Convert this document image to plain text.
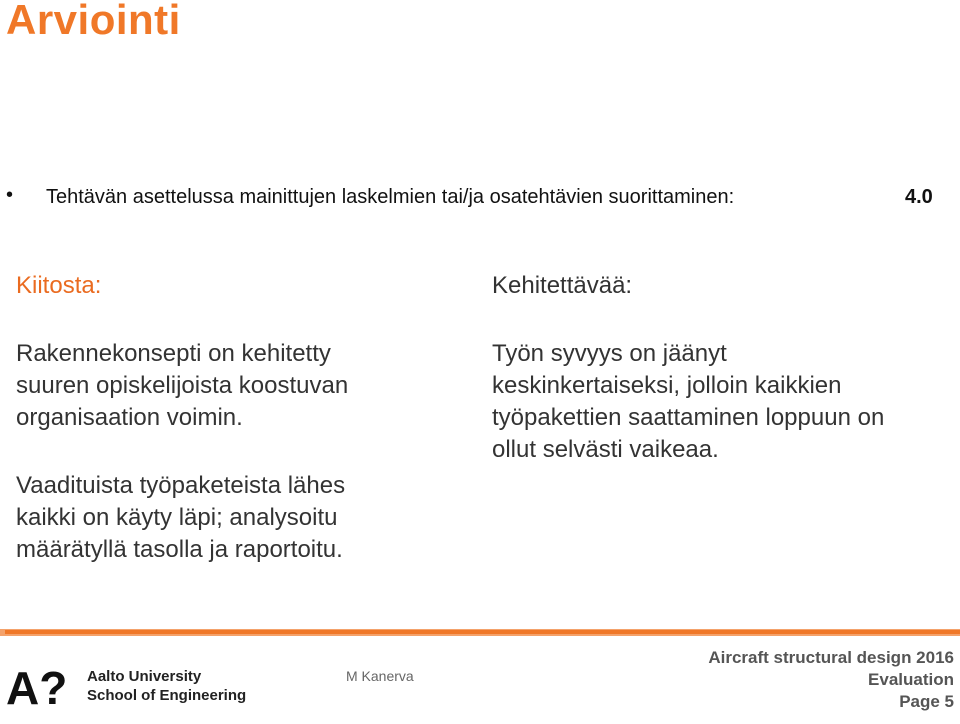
Arviointi
• Tehtävän asettelussa mainittujen laskelmien tai/ja osatehtävien suorittaminen:	4.0
Kiitosta:
Rakennekonsepti on kehitetty
suuren opiskelijoista koostuvan
organisaation voimin.
Vaadituista työpaketeista lähes
kaikki on käyty läpi; analysoitu
määrätyllä tasolla ja raportoitu.
Kehitettävää:
Työn syvyys on jäänyt
keskinkertaiseksi, jolloin kaikkien
työpakettien saattaminen loppuun on
ollut selvästi vaikeaa.
A? Aalto University
School of Engineering
M Kanerva
Aircraft structural design 2016
Evaluation
Page 5
